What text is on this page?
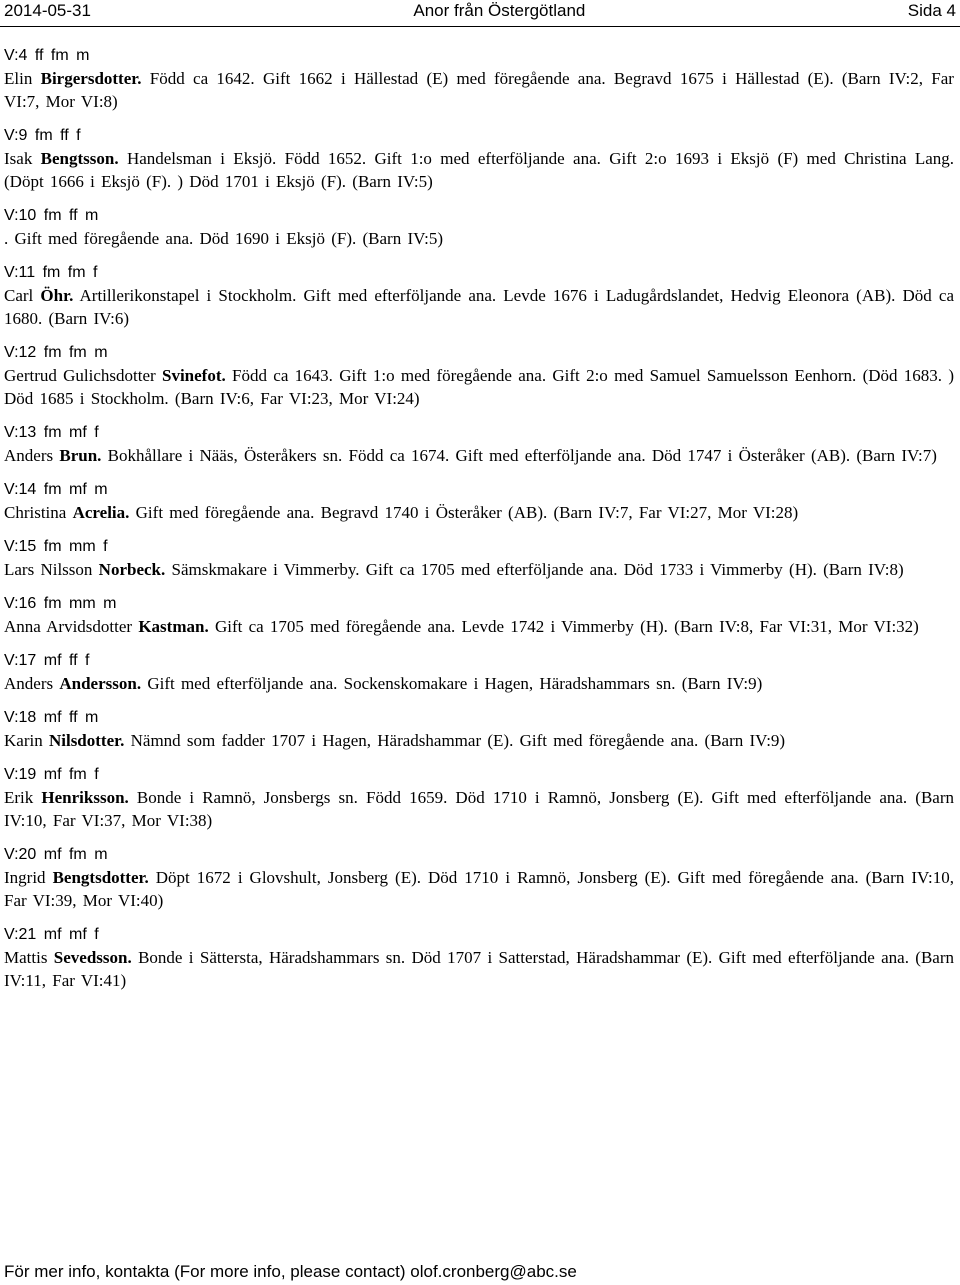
2014-05-31	Anor från Östergötland	Sida 4
V:4 ff fm m
Elin Birgersdotter. Född ca 1642. Gift 1662 i Hällestad (E) med föregående ana. Begravd 1675 i Hällestad (E). (Barn IV:2, Far VI:7, Mor VI:8)
V:9 fm ff f
Isak Bengtsson. Handelsman i Eksjö. Född 1652. Gift 1:o med efterföljande ana. Gift 2:o 1693 i Eksjö (F) med Christina Lang. (Döpt 1666 i Eksjö (F). ) Död 1701 i Eksjö (F). (Barn IV:5)
V:10 fm ff m
. Gift med föregående ana. Död 1690 i Eksjö (F). (Barn IV:5)
V:11 fm fm f
Carl Öhr. Artillerikonstapel i Stockholm. Gift med efterföljande ana. Levde 1676 i Ladugårdslandet, Hedvig Eleonora (AB). Död ca 1680. (Barn IV:6)
V:12 fm fm m
Gertrud Gulichsdotter Svinefot. Född ca 1643. Gift 1:o med föregående ana. Gift 2:o med Samuel Samuelsson Eenhorn. (Död 1683. ) Död 1685 i Stockholm. (Barn IV:6, Far VI:23, Mor VI:24)
V:13 fm mf f
Anders Brun. Bokhållare i Nääs, Österåkers sn. Född ca 1674. Gift med efterföljande ana. Död 1747 i Österåker (AB). (Barn IV:7)
V:14 fm mf m
Christina Acrelia. Gift med föregående ana. Begravd 1740 i Österåker (AB). (Barn IV:7, Far VI:27, Mor VI:28)
V:15 fm mm f
Lars Nilsson Norbeck. Sämskmakare i Vimmerby. Gift ca 1705 med efterföljande ana. Död 1733 i Vimmerby (H). (Barn IV:8)
V:16 fm mm m
Anna Arvidsdotter Kastman. Gift ca 1705 med föregående ana. Levde 1742 i Vimmerby (H). (Barn IV:8, Far VI:31, Mor VI:32)
V:17 mf ff f
Anders Andersson. Gift med efterföljande ana. Sockenskomakare i Hagen, Häradshammars sn. (Barn IV:9)
V:18 mf ff m
Karin Nilsdotter. Nämnd som fadder 1707 i Hagen, Häradshammar (E). Gift med föregående ana. (Barn IV:9)
V:19 mf fm f
Erik Henriksson. Bonde i Ramnö, Jonsbergs sn. Född 1659. Död 1710 i Ramnö, Jonsberg (E). Gift med efterföljande ana. (Barn IV:10, Far VI:37, Mor VI:38)
V:20 mf fm m
Ingrid Bengtsdotter. Döpt 1672 i Glovshult, Jonsberg (E). Död 1710 i Ramnö, Jonsberg (E). Gift med föregående ana. (Barn IV:10, Far VI:39, Mor VI:40)
V:21 mf mf f
Mattis Sevedsson. Bonde i Sättersta, Häradshammars sn. Död 1707 i Satterstad, Häradshammar (E). Gift med efterföljande ana. (Barn IV:11, Far VI:41)
För mer info, kontakta (For more info, please contact) olof.cronberg@abc.se
